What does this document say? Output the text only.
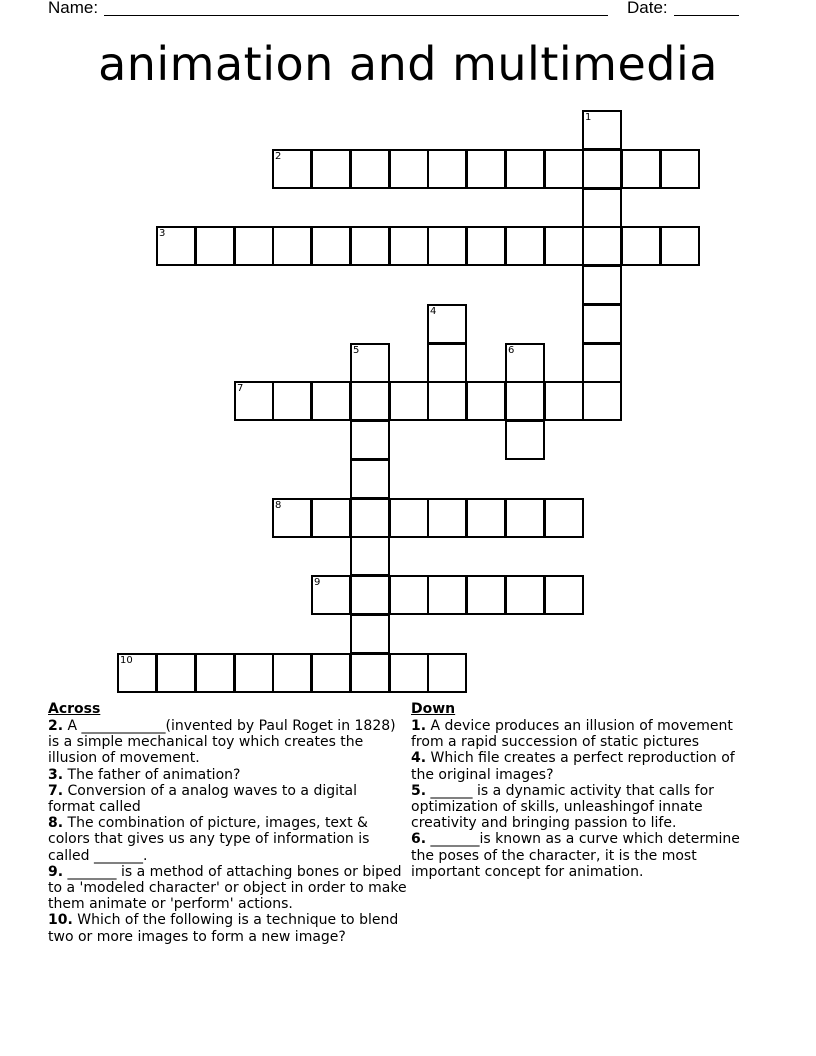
Name:	Date:
animation and multimedia
1
2
3
4
5	6
7
8
9
10
Across
2. A ____________(invented by Paul Roget in 1828) is a simple mechanical toy which creates the illusion of movement.
3. The father of animation?
7. Conversion of a analog waves to a digital format called
8. The combination of picture, images, text & colors that gives us any type of information is called _______.
9. _______ is a method of attaching bones or biped to a 'modeled character' or object in order to make them animate or 'perform' actions.
10. Which of the following is a technique to blend two or more images to form a new image?
Down
1. A device produces an illusion of movement from a rapid succession of static pictures
4. Which file creates a perfect reproduction of the original images?
5. ______ is a dynamic activity that calls for optimization of skills, unleashingof innate creativity and bringing passion to life.
6. _______is known as a curve which determine the poses of the character, it is the most important concept for animation.
